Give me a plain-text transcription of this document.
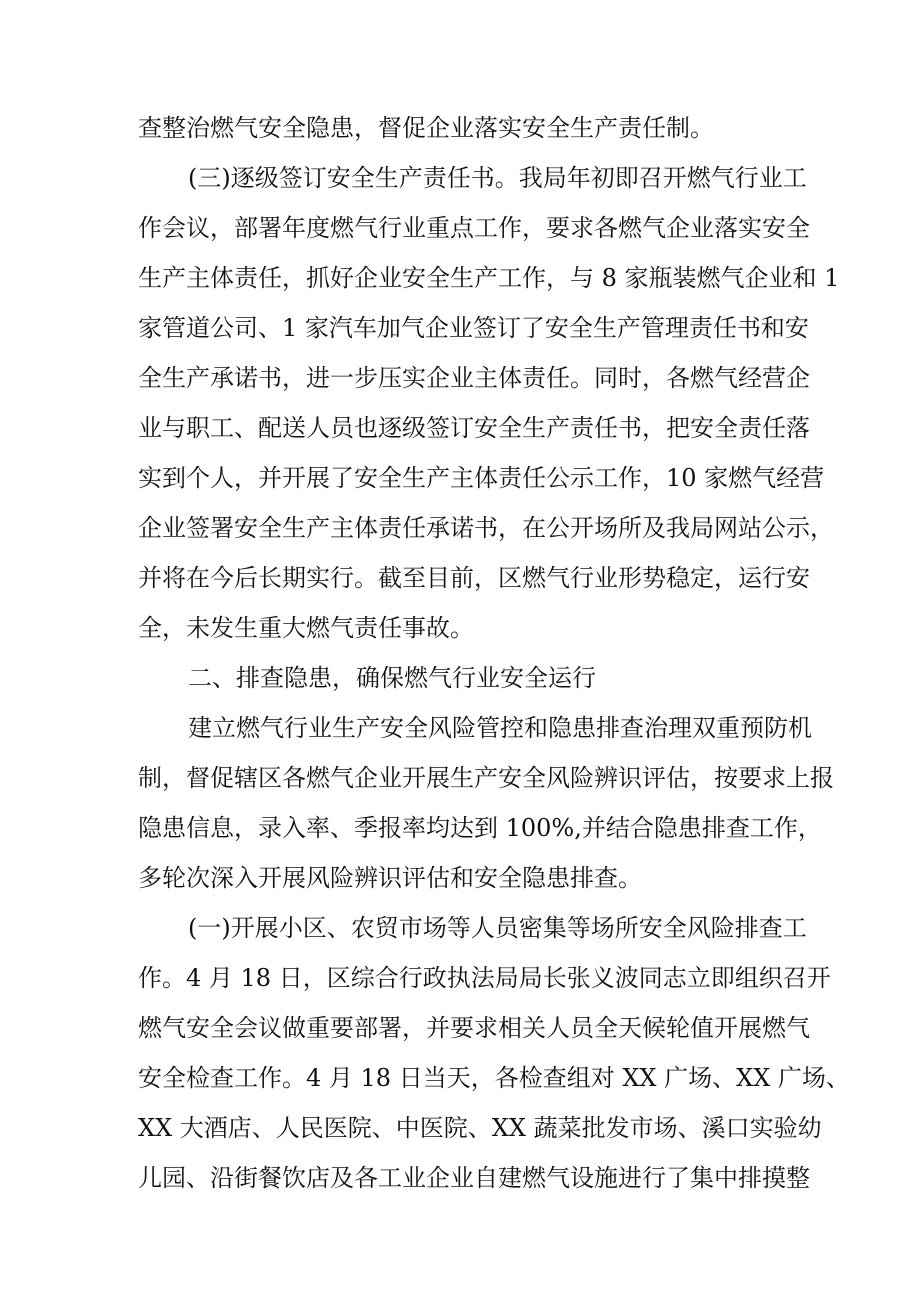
查整治燃气安全隐患，督促企业落实安全生产责任制。
(三)逐级签订安全生产责任书。我局年初即召开燃气行业工
作会议，部署年度燃气行业重点工作，要求各燃气企业落实安全
生产主体责任，抓好企业安全生产工作，与 8 家瓶装燃气企业和 1
家管道公司、1 家汽车加气企业签订了安全生产管理责任书和安
全生产承诺书，进一步压实企业主体责任。同时，各燃气经营企
业与职工、配送人员也逐级签订安全生产责任书，把安全责任落
实到个人，并开展了安全生产主体责任公示工作，10 家燃气经营
企业签署安全生产主体责任承诺书，在公开场所及我局网站公示，
并将在今后长期实行。截至目前，区燃气行业形势稳定，运行安
全，未发生重大燃气责任事故。
二、排查隐患，确保燃气行业安全运行
建立燃气行业生产安全风险管控和隐患排查治理双重预防机
制，督促辖区各燃气企业开展生产安全风险辨识评估，按要求上报
隐患信息，录入率、季报率均达到 100%,并结合隐患排查工作，
多轮次深入开展风险辨识评估和安全隐患排查。
(一)开展小区、农贸市场等人员密集等场所安全风险排查工
作。4 月 18 日，区综合行政执法局局长张义波同志立即组织召开
燃气安全会议做重要部署，并要求相关人员全天候轮值开展燃气
安全检查工作。4 月 18 日当天，各检查组对 XX 广场、XX 广场、
XX 大酒店、人民医院、中医院、XX 蔬菜批发市场、溪口实验幼
儿园、沿街餐饮店及各工业企业自建燃气设施进行了集中排摸整
